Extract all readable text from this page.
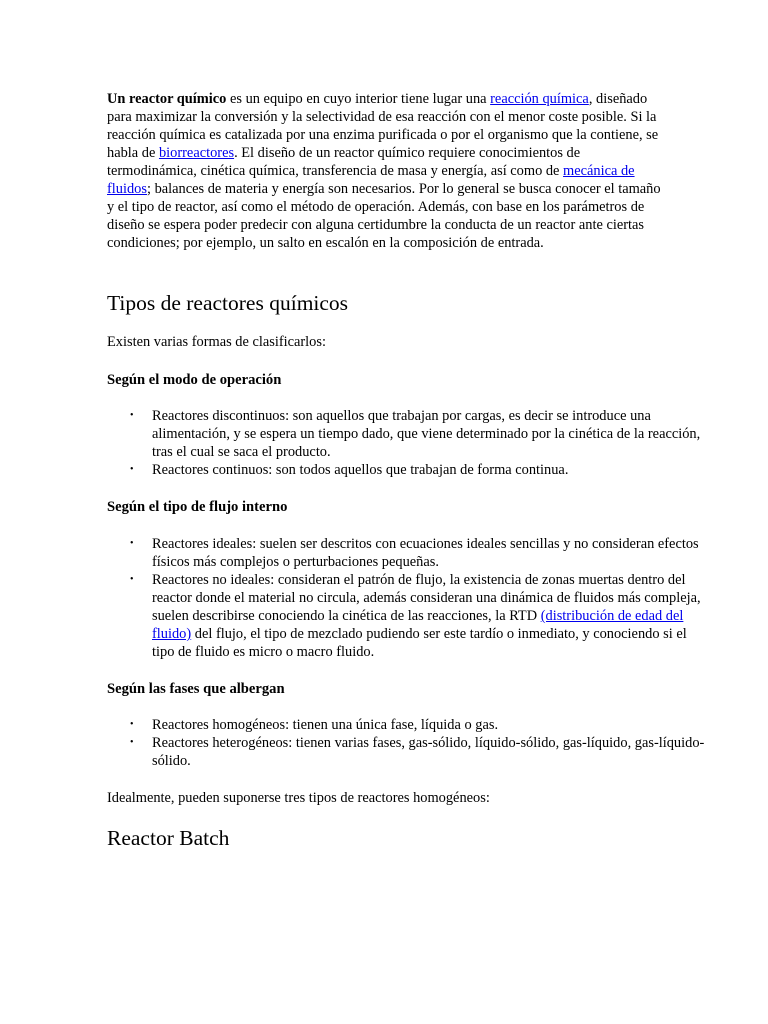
Un reactor químico es un equipo en cuyo interior tiene lugar una reacción química, diseñado para maximizar la conversión y la selectividad de esa reacción con el menor coste posible. Si la reacción química es catalizada por una enzima purificada o por el organismo que la contiene, se habla de biorreactores. El diseño de un reactor químico requiere conocimientos de termodinámica, cinética química, transferencia de masa y energía, así como de mecánica de fluidos; balances de materia y energía son necesarios. Por lo general se busca conocer el tamaño y el tipo de reactor, así como el método de operación. Además, con base en los parámetros de diseño se espera poder predecir con alguna certidumbre la conducta de un reactor ante ciertas condiciones; por ejemplo, un salto en escalón en la composición de entrada.

Tipos de reactores químicos

Existen varias formas de clasificarlos:

Según el modo de operación
• Reactores discontinuos: son aquellos que trabajan por cargas, es decir se introduce una alimentación, y se espera un tiempo dado, que viene determinado por la cinética de la reacción, tras el cual se saca el producto.
• Reactores continuos: son todos aquellos que trabajan de forma continua.
Según el tipo de flujo interno
• Reactores ideales: suelen ser descritos con ecuaciones ideales sencillas y no consideran efectos físicos más complejos o perturbaciones pequeñas.
• Reactores no ideales: consideran el patrón de flujo, la existencia de zonas muertas dentro del reactor donde el material no circula, además consideran una dinámica de fluidos más compleja, suelen describirse conociendo la cinética de las reacciones, la RTD (distribución de edad del fluido) del flujo, el tipo de mezclado pudiendo ser este tardío o inmediato, y conociendo si el tipo de fluido es micro o macro fluido.
Según las fases que albergan
• Reactores homogéneos: tienen una única fase, líquida o gas.
• Reactores heterogéneos: tienen varias fases, gas-sólido, líquido-sólido, gas-líquido, gas-líquido-sólido.

Idealmente, pueden suponerse tres tipos de reactores homogéneos:

Reactor Batch
